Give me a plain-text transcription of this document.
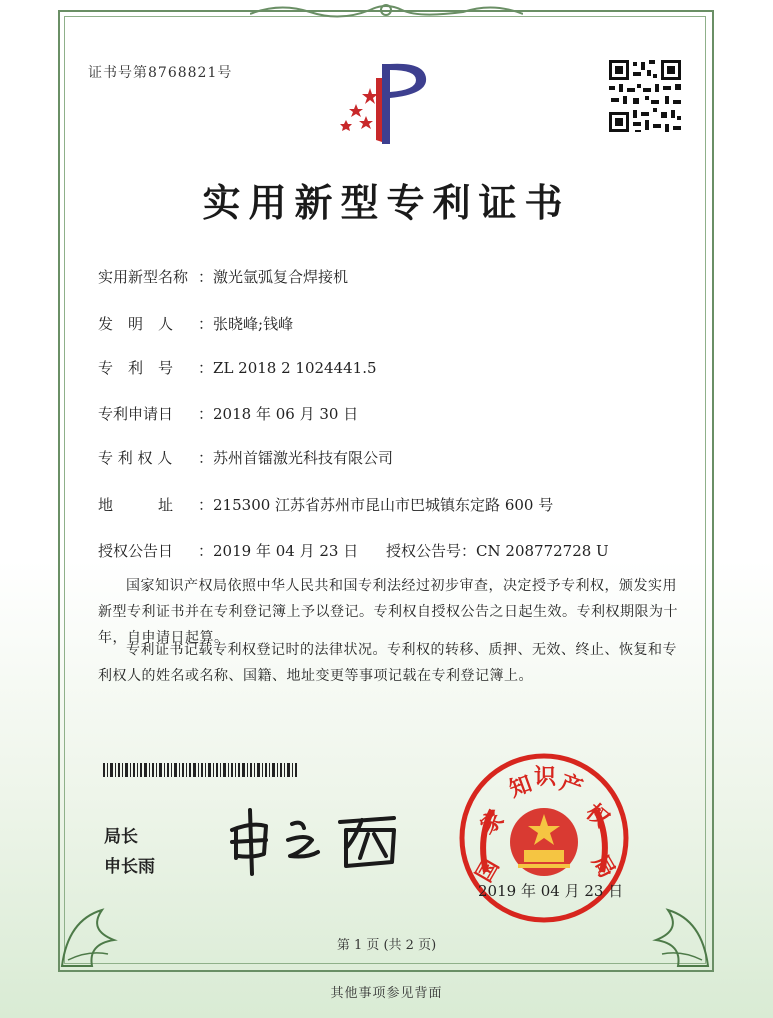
证书号第8768821号
实用新型专利证书
实用新型名称 ：激光氩弧复合焊接机
发　明　人 ：张晓峰;钱峰
专　利　号 ：ZL 2018 2 1024441.5
专利申请日 ：2018 年 06 月 30 日
专 利 权 人 ：苏州首镭激光科技有限公司
地　　　址 ：215300 江苏省苏州市昆山市巴城镇东定路 600 号
授权公告日 ：2019 年 04 月 23 日 授权公告号：CN 208772728 U
国家知识产权局依照中华人民共和国专利法经过初步审查，决定授予专利权，颁发实用新型专利证书并在专利登记簿上予以登记。专利权自授权公告之日起生效。专利权期限为十年，自申请日起算。
专利证书记载专利权登记时的法律状况。专利权的转移、质押、无效、终止、恢复和专利权人的姓名或名称、国籍、地址变更等事项记载在专利登记簿上。
局长
申长雨	国
家
知
识 产
权
局
2019 年 04 月 23 日
第 1 页 (共 2 页)
其他事项参见背面
